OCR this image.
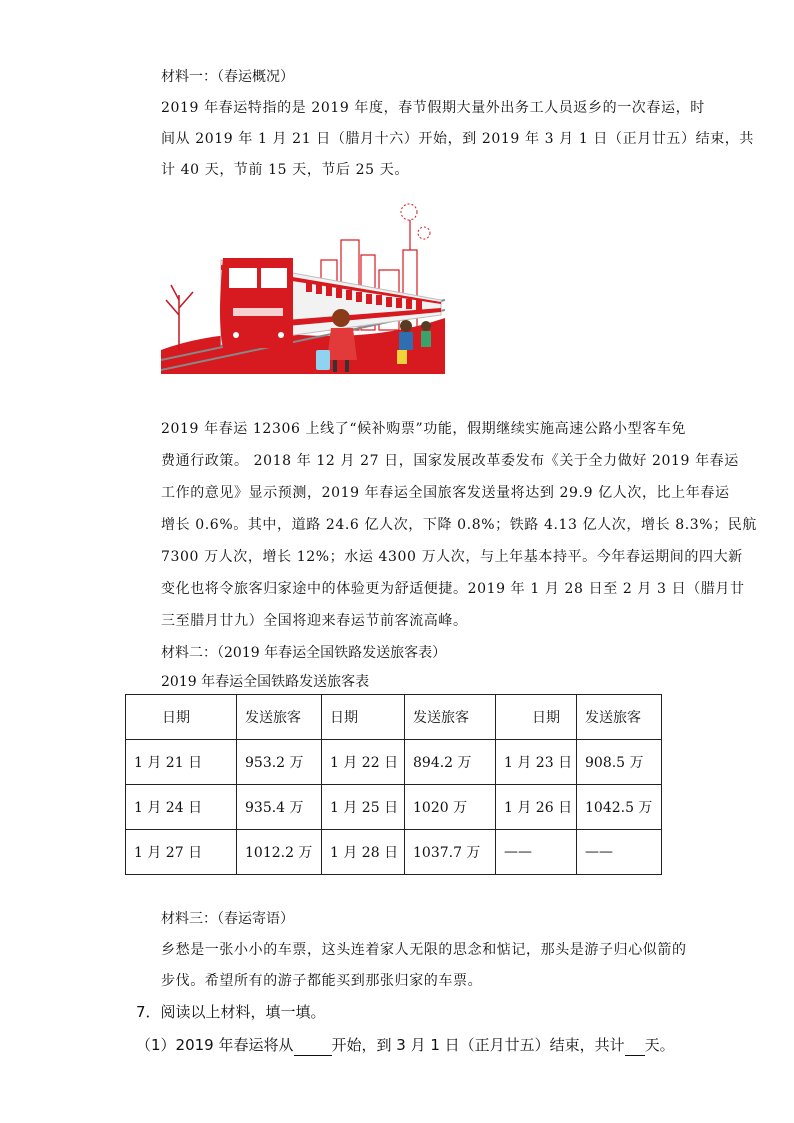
材料一：（春运概况）
2019 年春运特指的是 2019 年度，春节假期大量外出务工人员返乡的一次春运，时
间从 2019 年 1 月 21 日（腊月十六）开始，到 2019 年 3 月 1 日（正月廿五）结束，共
计 40 天，节前 15 天，节后 25 天。
2019 年春运 12306 上线了“候补购票”功能，假期继续实施高速公路小型客车免
费通行政策。 2018 年 12 月 27 日，国家发展改革委发布《关于全力做好 2019 年春运
工作的意见》显示预测，2019 年春运全国旅客发送量将达到 29.9 亿人次，比上年春运
增长 0.6%。其中，道路 24.6 亿人次，下降 0.8%；铁路 4.13 亿人次，增长 8.3%；民航
7300 万人次，增长 12%；水运 4300 万人次，与上年基本持平。今年春运期间的四大新
变化也将令旅客归家途中的体验更为舒适便捷。2019 年 1 月 28 日至 2 月 3 日（腊月廿
三至腊月廿九）全国将迎来春运节前客流高峰。
材料二：（2019 年春运全国铁路发送旅客表）
2019 年春运全国铁路发送旅客表
日期	发送旅客	日期	发送旅客	日期	发送旅客
1 月 21 日	953.2 万	1 月 22 日	894.2 万	1 月 23 日	908.5 万
1 月 24 日	935.4 万	1 月 25 日	1020 万	1 月 26 日	1042.5 万
1 月 27 日	1012.2 万	1 月 28 日	1037.7 万	——	——
材料三：（春运寄语）
乡愁是一张小小的车票，这头连着家人无限的思念和惦记，那头是游子归心似箭的
步伐。希望所有的游子都能买到那张归家的车票。
7．阅读以上材料，填一填。
（1）2019 年春运将从	开始，到 3 月 1 日（正月廿五）结束，共计 天。
